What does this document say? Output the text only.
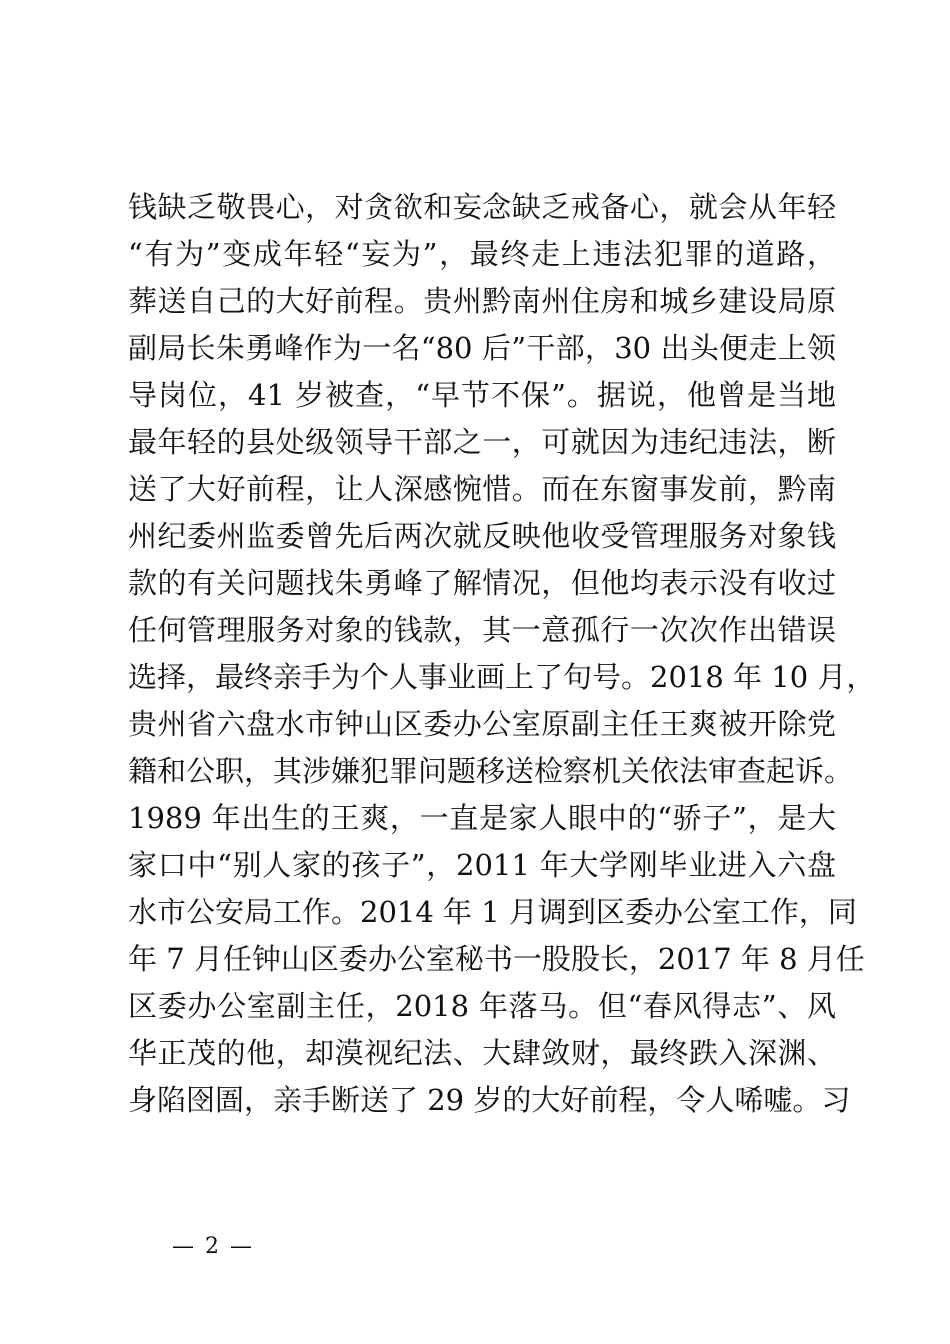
钱缺乏敬畏心，对贪欲和妄念缺乏戒备心，就会从年轻
“有为”变成年轻“妄为”，最终走上违法犯罪的道路，
葬送自己的大好前程。贵州黔南州住房和城乡建设局原
副局长朱勇峰作为一名“80 后”干部，30 出头便走上领
导岗位，41 岁被查，“早节不保”。据说，他曾是当地
最年轻的县处级领导干部之一，可就因为违纪违法，断
送了大好前程，让人深感惋惜。而在东窗事发前，黔南
州纪委州监委曾先后两次就反映他收受管理服务对象钱
款的有关问题找朱勇峰了解情况，但他均表示没有收过
任何管理服务对象的钱款，其一意孤行一次次作出错误
选择，最终亲手为个人事业画上了句号。2018 年 10 月，
贵州省六盘水市钟山区委办公室原副主任王爽被开除党
籍和公职，其涉嫌犯罪问题移送检察机关依法审查起诉。
1989 年出生的王爽，一直是家人眼中的“骄子”，是大
家口中“别人家的孩子”，2011 年大学刚毕业进入六盘
水市公安局工作。2014 年 1 月调到区委办公室工作，同
年 7 月任钟山区委办公室秘书一股股长，2017 年 8 月任
区委办公室副主任，2018 年落马。但“春风得志”、风
华正茂的他，却漠视纪法、大肆敛财，最终跌入深渊、
身陷囹圄，亲手断送了 29 岁的大好前程，令人唏嘘。习
— 2 —
